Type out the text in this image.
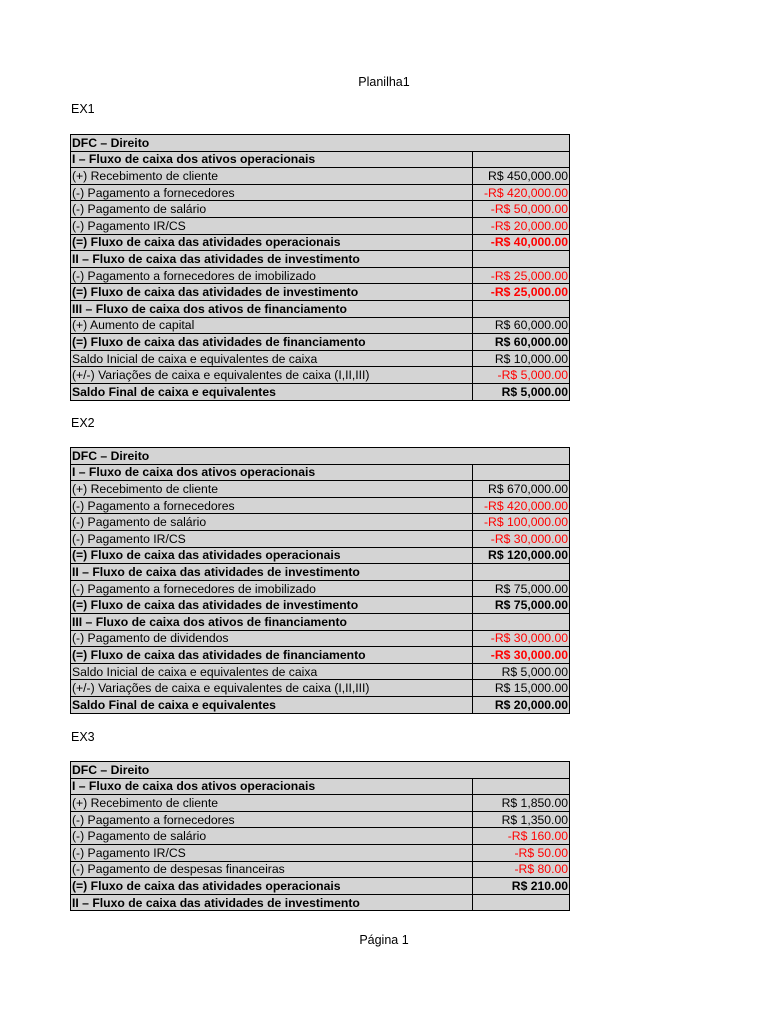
Planilha1
EX1
DFC – Direito	
I – Fluxo de caixa dos ativos operacionais	
(+) Recebimento de cliente	R$ 450,000.00
(-) Pagamento a fornecedores	-R$ 420,000.00
(-) Pagamento de salário	-R$ 50,000.00
(-) Pagamento IR/CS	-R$ 20,000.00
(=) Fluxo de caixa das atividades operacionais	-R$ 40,000.00
II – Fluxo de caixa das atividades de investimento	
(-) Pagamento a fornecedores de imobilizado	-R$ 25,000.00
(=) Fluxo de caixa das atividades de investimento	-R$ 25,000.00
III – Fluxo de caixa dos ativos de financiamento	
(+) Aumento de capital	R$ 60,000.00
(=) Fluxo de caixa das atividades de financiamento	R$ 60,000.00
Saldo Inicial de caixa e equivalentes de caixa	R$ 10,000.00
(+/-) Variações de caixa e equivalentes de caixa (I,II,III)	-R$ 5,000.00
Saldo Final de caixa e equivalentes	R$ 5,000.00
EX2
DFC – Direito	
I – Fluxo de caixa dos ativos operacionais	
(+) Recebimento de cliente	R$ 670,000.00
(-) Pagamento a fornecedores	-R$ 420,000.00
(-) Pagamento de salário	-R$ 100,000.00
(-) Pagamento IR/CS	-R$ 30,000.00
(=) Fluxo de caixa das atividades operacionais	R$ 120,000.00
II – Fluxo de caixa das atividades de investimento	
(-) Pagamento a fornecedores de imobilizado	R$ 75,000.00
(=) Fluxo de caixa das atividades de investimento	R$ 75,000.00
III – Fluxo de caixa dos ativos de financiamento	
(-) Pagamento de dividendos	-R$ 30,000.00
(=) Fluxo de caixa das atividades de financiamento	-R$ 30,000.00
Saldo Inicial de caixa e equivalentes de caixa	R$ 5,000.00
(+/-) Variações de caixa e equivalentes de caixa (I,II,III)	R$ 15,000.00
Saldo Final de caixa e equivalentes	R$ 20,000.00
EX3
DFC – Direito	
I – Fluxo de caixa dos ativos operacionais	
(+) Recebimento de cliente	R$ 1,850.00
(-) Pagamento a fornecedores	R$ 1,350.00
(-) Pagamento de salário	-R$ 160.00
(-) Pagamento IR/CS	-R$ 50.00
(-) Pagamento de despesas financeiras	-R$ 80.00
(=) Fluxo de caixa das atividades operacionais	R$ 210.00
II – Fluxo de caixa das atividades de investimento	
Página 1
